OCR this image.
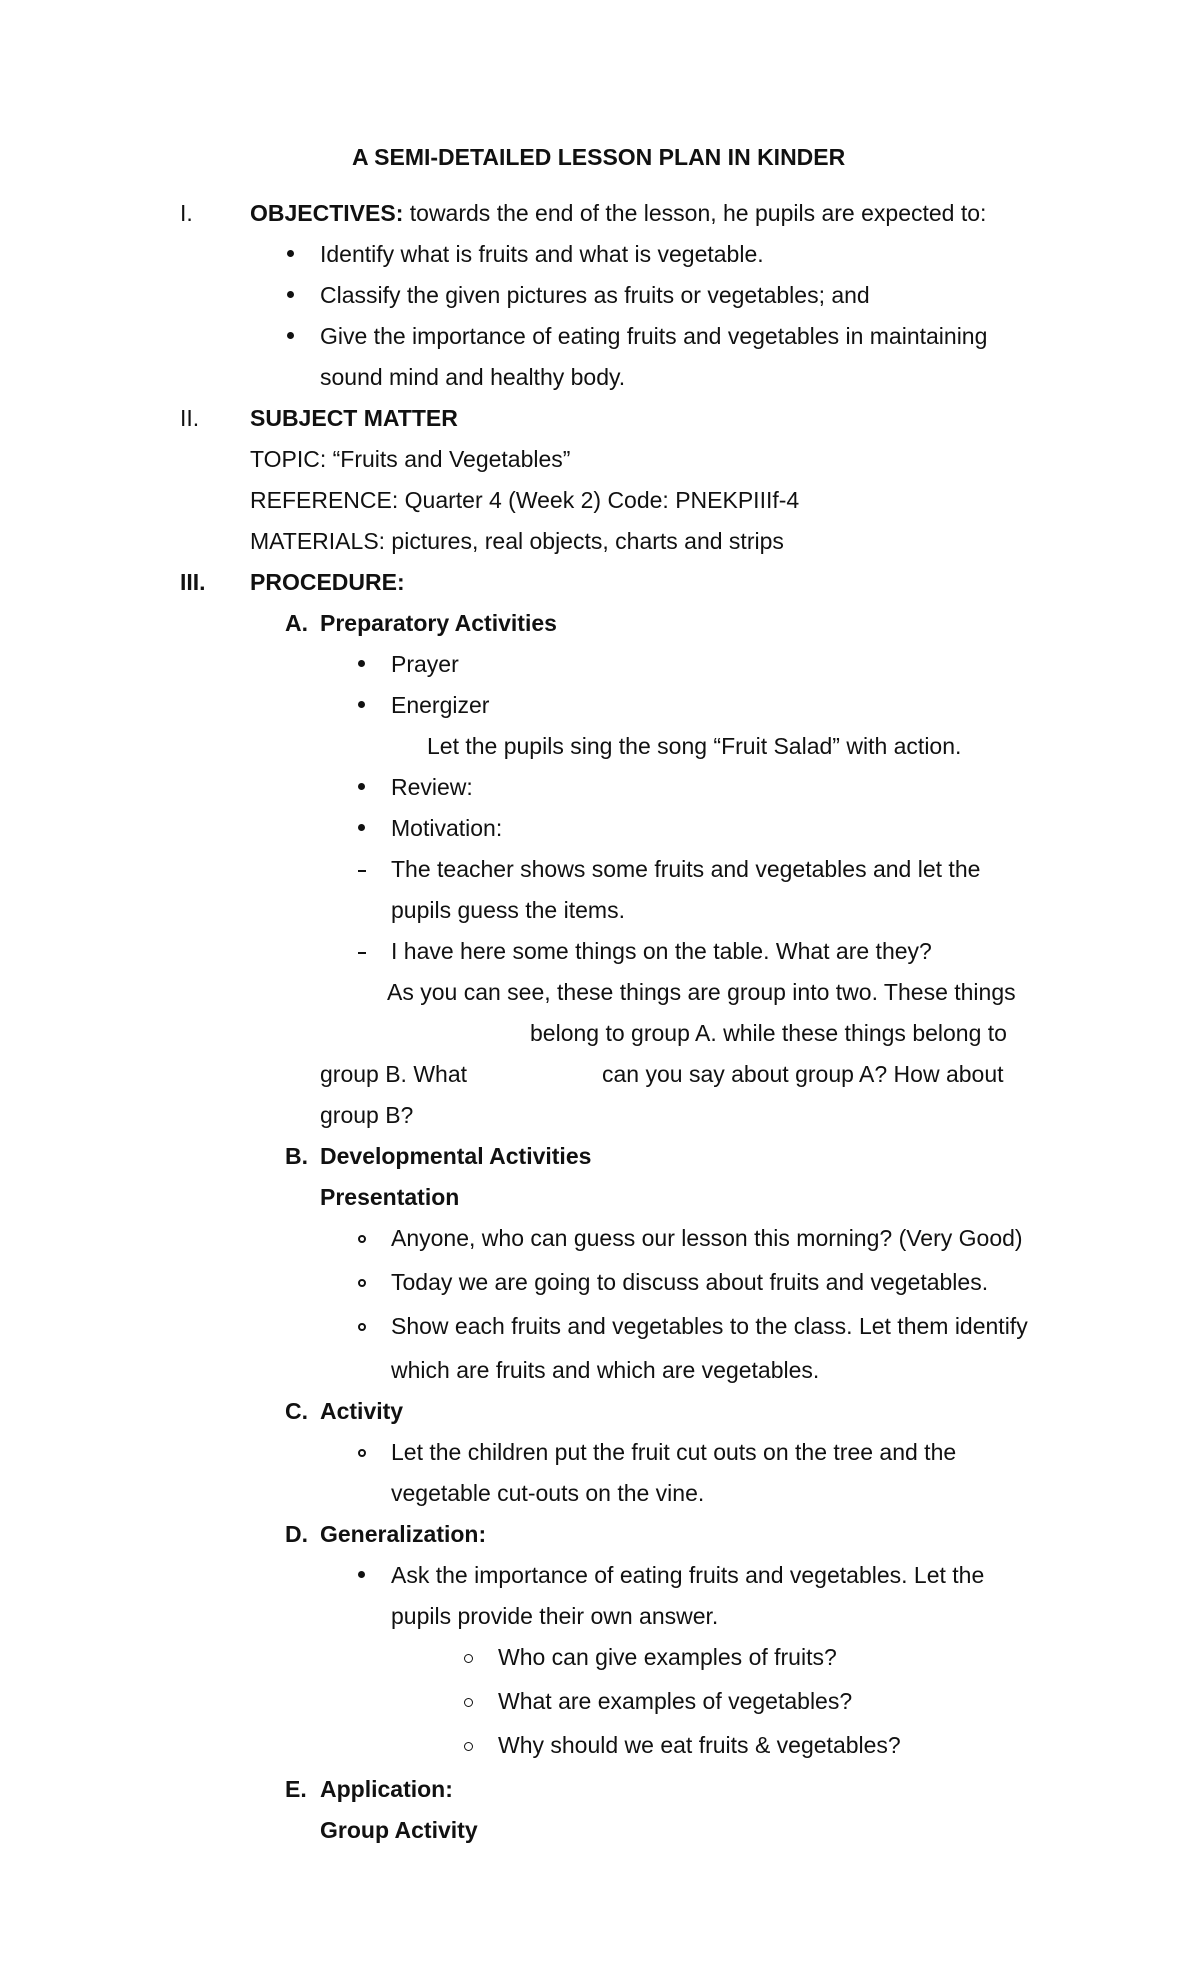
A SEMI-DETAILED LESSON PLAN IN KINDER
I. OBJECTIVES: towards the end of the lesson, he pupils are expected to:
Identify what is fruits and what is vegetable.
Classify the given pictures as fruits or vegetables; and
Give the importance of eating fruits and vegetables in maintaining
sound mind and healthy body.
II. SUBJECT MATTER
TOPIC: “Fruits and Vegetables”
REFERENCE: Quarter 4 (Week 2) Code: PNEKPIIIf-4
MATERIALS: pictures, real objects, charts and strips
III. PROCEDURE:
A. Preparatory Activities
Prayer
Energizer
Let the pupils sing the song “Fruit Salad” with action.
Review:
Motivation:
The teacher shows some fruits and vegetables and let the
pupils guess the items.
I have here some things on the table. What are they?
As you can see, these things are group into two. These things
belong to group A. while these things belong to
group B. What	can you say about group A? How about
group B?
B. Developmental Activities
Presentation
Anyone, who can guess our lesson this morning? (Very Good)
Today we are going to discuss about fruits and vegetables.
Show each fruits and vegetables to the class. Let them identify
which are fruits and which are vegetables.
C. Activity
Let the children put the fruit cut outs on the tree and the
vegetable cut-outs on the vine.
D. Generalization:
Ask the importance of eating fruits and vegetables. Let the
pupils provide their own answer.
Who can give examples of fruits?
What are examples of vegetables?
Why should we eat fruits & vegetables?
E. Application:
Group Activity
